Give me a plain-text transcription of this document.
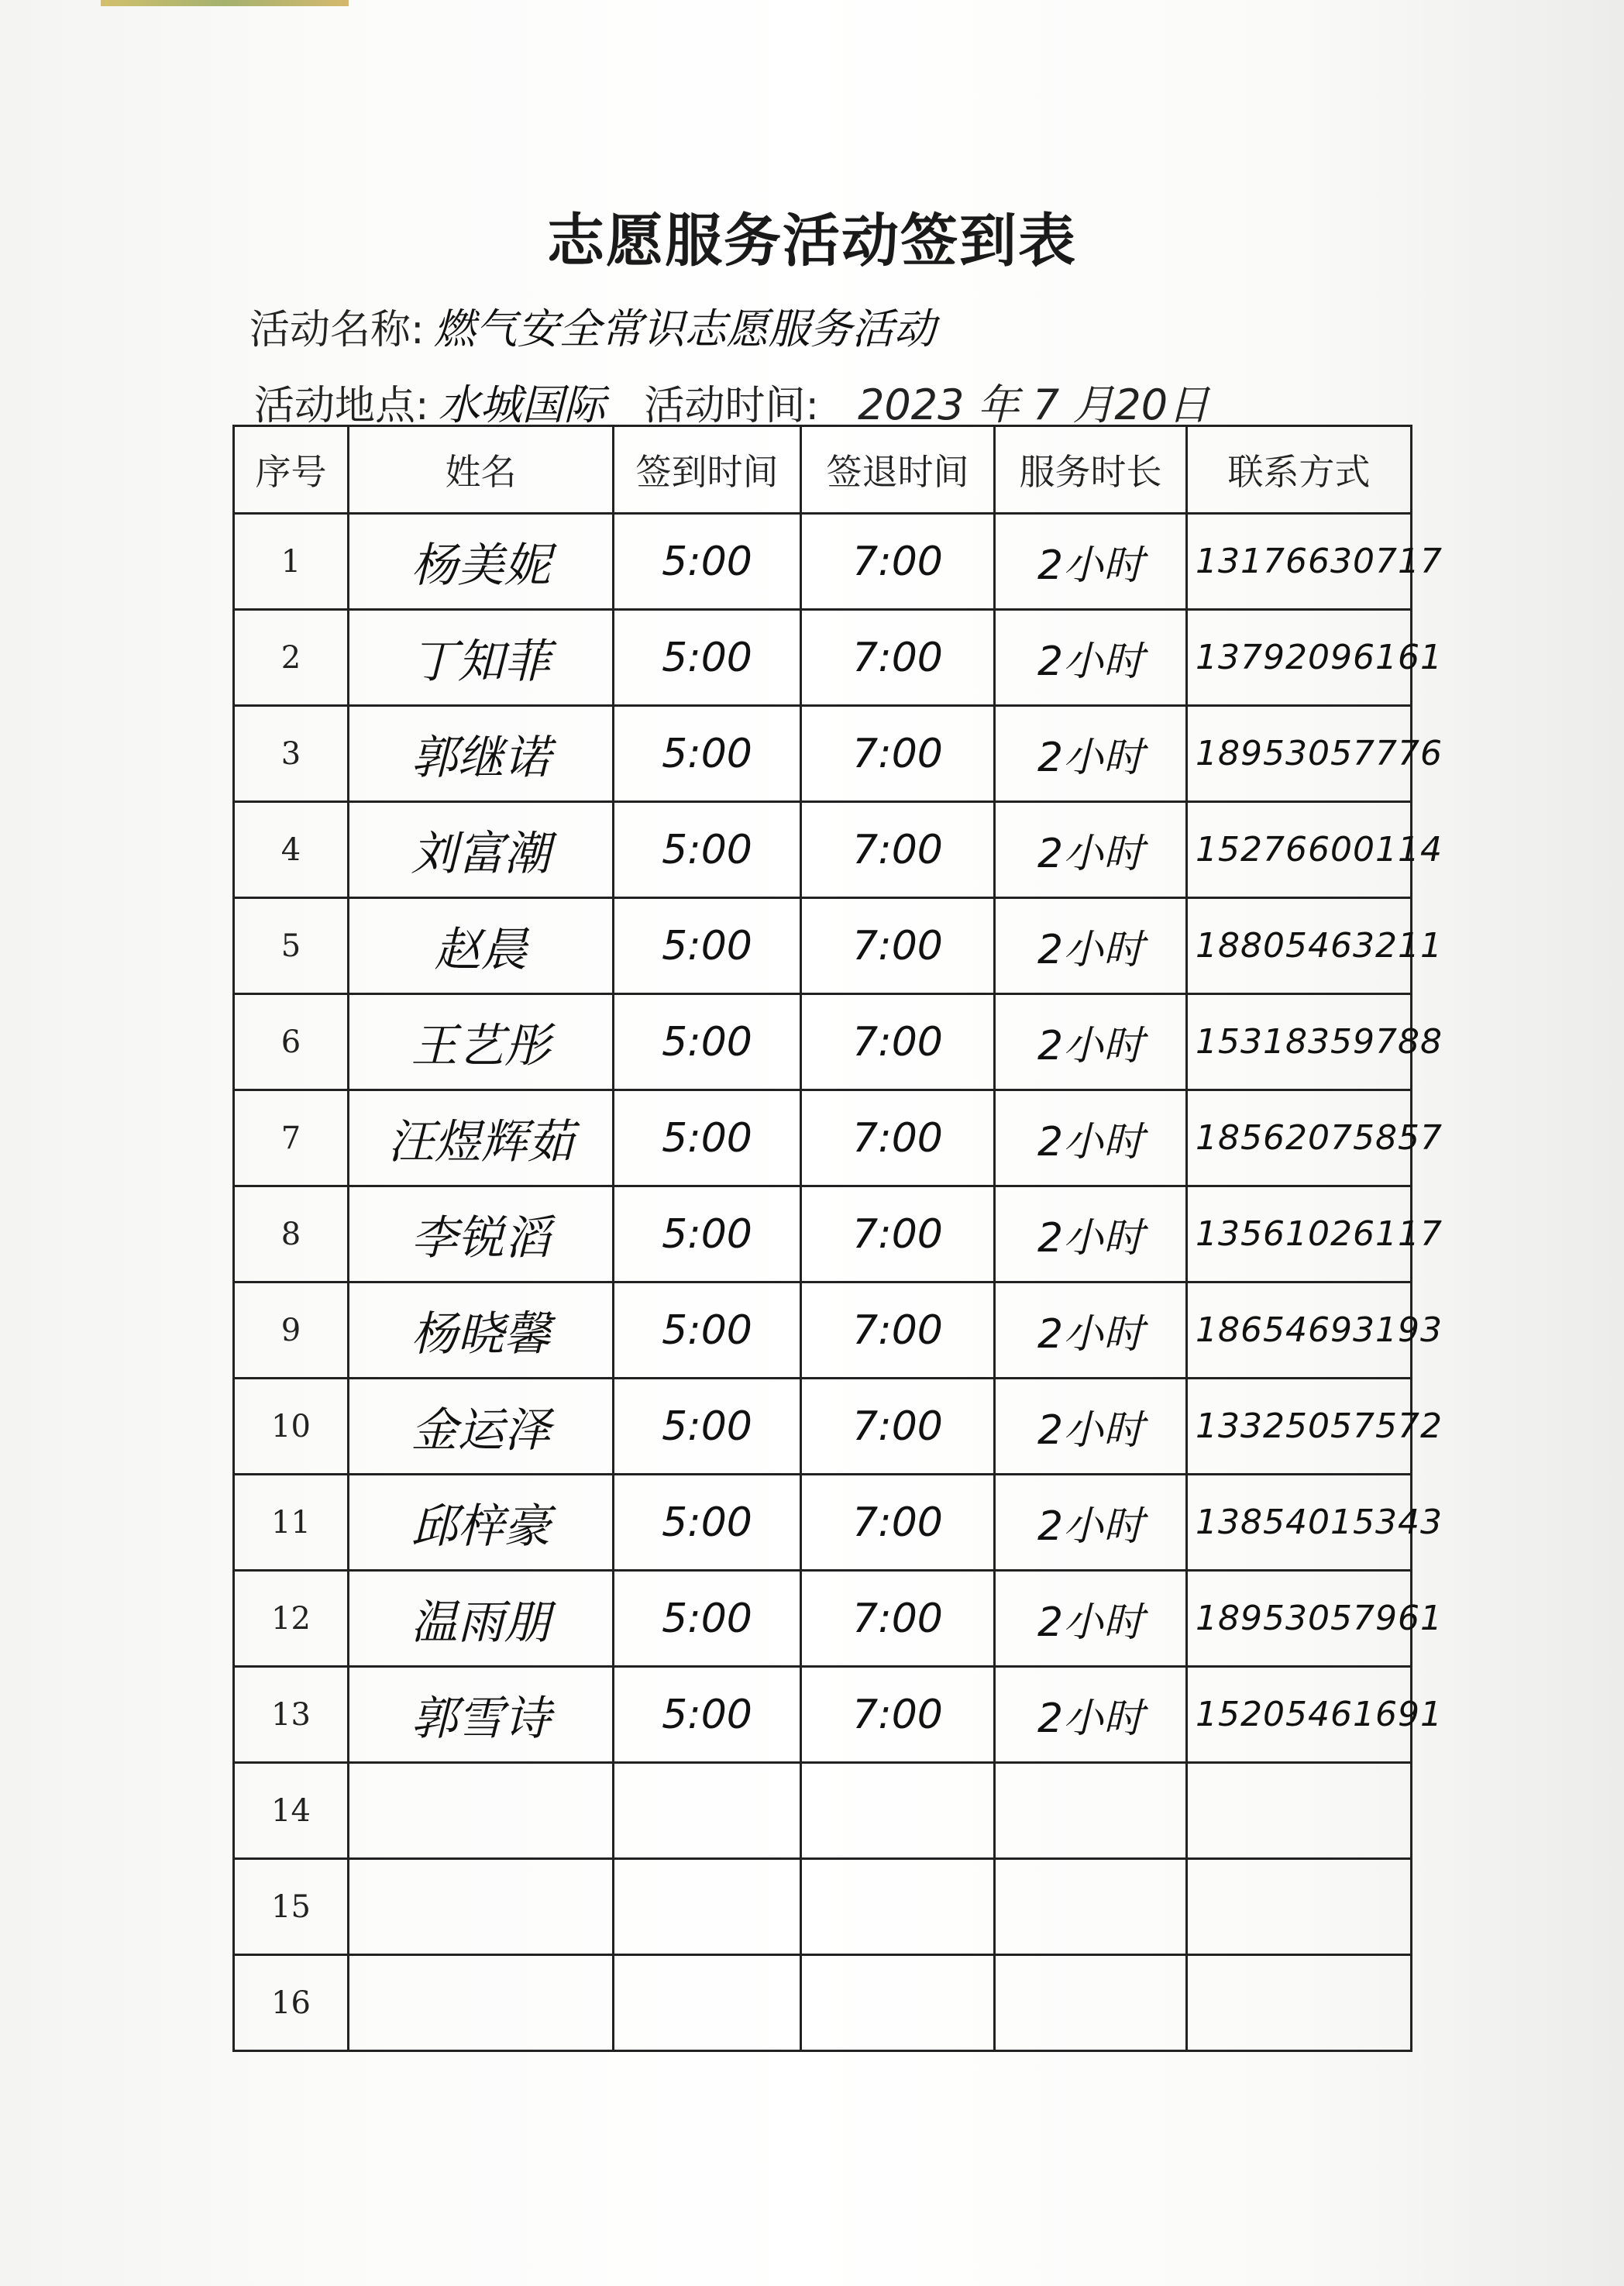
志愿服务活动签到表
活动名称: 燃气安全常识志愿服务活动
活动地点: 水城国际 活动时间: 2023 年 7 月20日
序号	姓名	签到时间	签退时间	服务时长	联系方式
1	杨美妮	5:00	7:00	2小时	13176630717
2	丁知菲	5:00	7:00	2小时	13792096161
3	郭继诺	5:00	7:00	2小时	18953057776
4	刘富潮	5:00	7:00	2小时	15276600114
5	赵晨	5:00	7:00	2小时	18805463211
6	王艺彤	5:00	7:00	2小时	15318359788
7	汪煜辉茹	5:00	7:00	2小时	18562075857
8	李锐滔	5:00	7:00	2小时	13561026117
9	杨晓馨	5:00	7:00	2小时	18654693193
10	金运泽	5:00	7:00	2小时	13325057572
11	邱梓豪	5:00	7:00	2小时	13854015343
12	温雨朋	5:00	7:00	2小时	18953057961
13	郭雪诗	5:00	7:00	2小时	15205461691
14					
15					
16					
